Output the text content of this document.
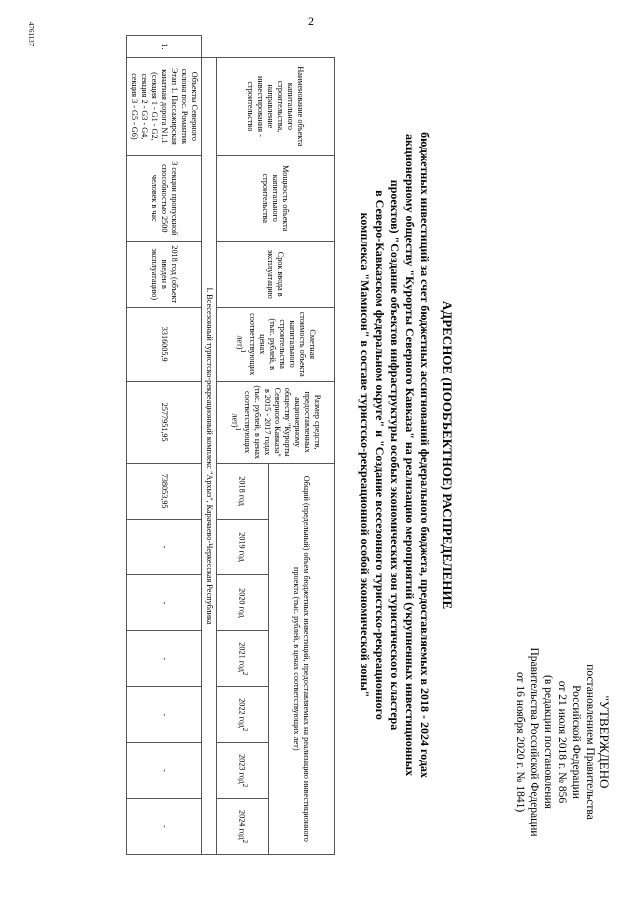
2
"УТВЕРЖДЕНО
постановлением Правительства
Российской Федерации
от 21 июля 2018 г. № 856
(в редакции постановления
Правительства Российской Федерации
от 16 ноября 2020 г. № 1841)
АДРЕСНОЕ (ПООБЪЕКТНОЕ) РАСПРЕДЕЛЕНИЕ
бюджетных инвестиций за счет бюджетных ассигнований федерального бюджета, предоставляемых в 2018 - 2024 годах
акционерному обществу "Курорты Северного Кавказа" на реализацию мероприятий (укрупненных инвестиционных
проектов) "Создание объектов инфраструктуры особых экономических зон туристического кластера
в Северо-Кавказском федеральном округе" и "Создание всесезонного туристско-рекреационного
комплекса "Мамисон" в составе туристско-рекреационной особой экономической зоны"
	Наименование объекта капитального строительства, направление инвестирования - строительство	Мощность объекта капитального строительства	Срок ввода в эксплуатацию	Сметная стоимость объекта капитального строительства (тыс. рублей, в ценах соответствующих лет)$^1$	Размер средств, предоставленных акционерному обществу "Курорты Северного Кавказа" в 2015 - 2017 годах (тыс. рублей, в ценах соответствующих лет)$^1$	Общий (предельный) объем бюджетных инвестиций, предоставляемых на реализацию инвестиционного проекта (тыс. рублей, в ценах соответствующих лет)						
						2018 год	2019 год	2020 год	2021 год$^2$	2022 год$^2$	2023 год$^2$	2024 год$^2$
	I. Всесезонный туристско-рекреационный комплекс "Архыз", Карачаево-Черкесская Республика											
1.	Объекты Северного склона пос. Романтик Этап 1. Пассажирская канатная дорога N1.1 (секция 1 - G1 - G2, секция 2 - G3 - G4, секция 3 - G5 - G6)	3 секции пропускной способностью 2500 человек в час	2018 год (объект введен в эксплуатацию)	3316005,9	2577951,95	738053,95	-	-	-	-	-	-
4761137
